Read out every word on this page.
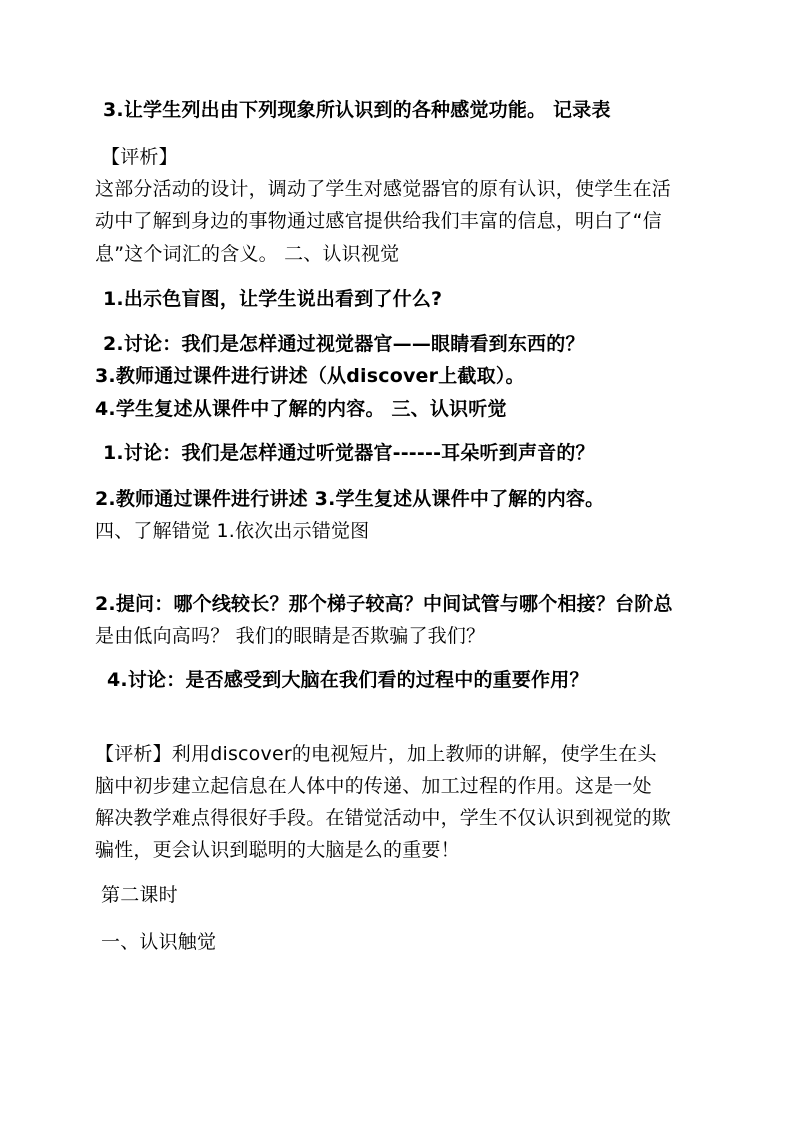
3.让学生列出由下列现象所认识到的各种感觉功能。 记录表
【评析】
这部分活动的设计，调动了学生对感觉器官的原有认识，使学生在活
动中了解到身边的事物通过感官提供给我们丰富的信息，明白了“信
息”这个词汇的含义。 二、认识视觉
1.出示色盲图，让学生说出看到了什么?
2.讨论：我们是怎样通过视觉器官——眼睛看到东西的？
3.教师通过课件进行讲述（从discover上截取）。
4.学生复述从课件中了解的内容。 三、认识听觉
1.讨论：我们是怎样通过听觉器官------耳朵听到声音的？
2.教师通过课件进行讲述 3.学生复述从课件中了解的内容。
四、了解错觉 1.依次出示错觉图
2.提问：哪个线较长？那个梯子较高？中间试管与哪个相接？台阶总
是由低向高吗？ 我们的眼睛是否欺骗了我们？
4.讨论：是否感受到大脑在我们看的过程中的重要作用？
【评析】利用discover的电视短片，加上教师的讲解，使学生在头
脑中初步建立起信息在人体中的传递、加工过程的作用。这是一处
解决教学难点得很好手段。在错觉活动中，学生不仅认识到视觉的欺
骗性，更会认识到聪明的大脑是么的重要！
第二课时
一、认识触觉
